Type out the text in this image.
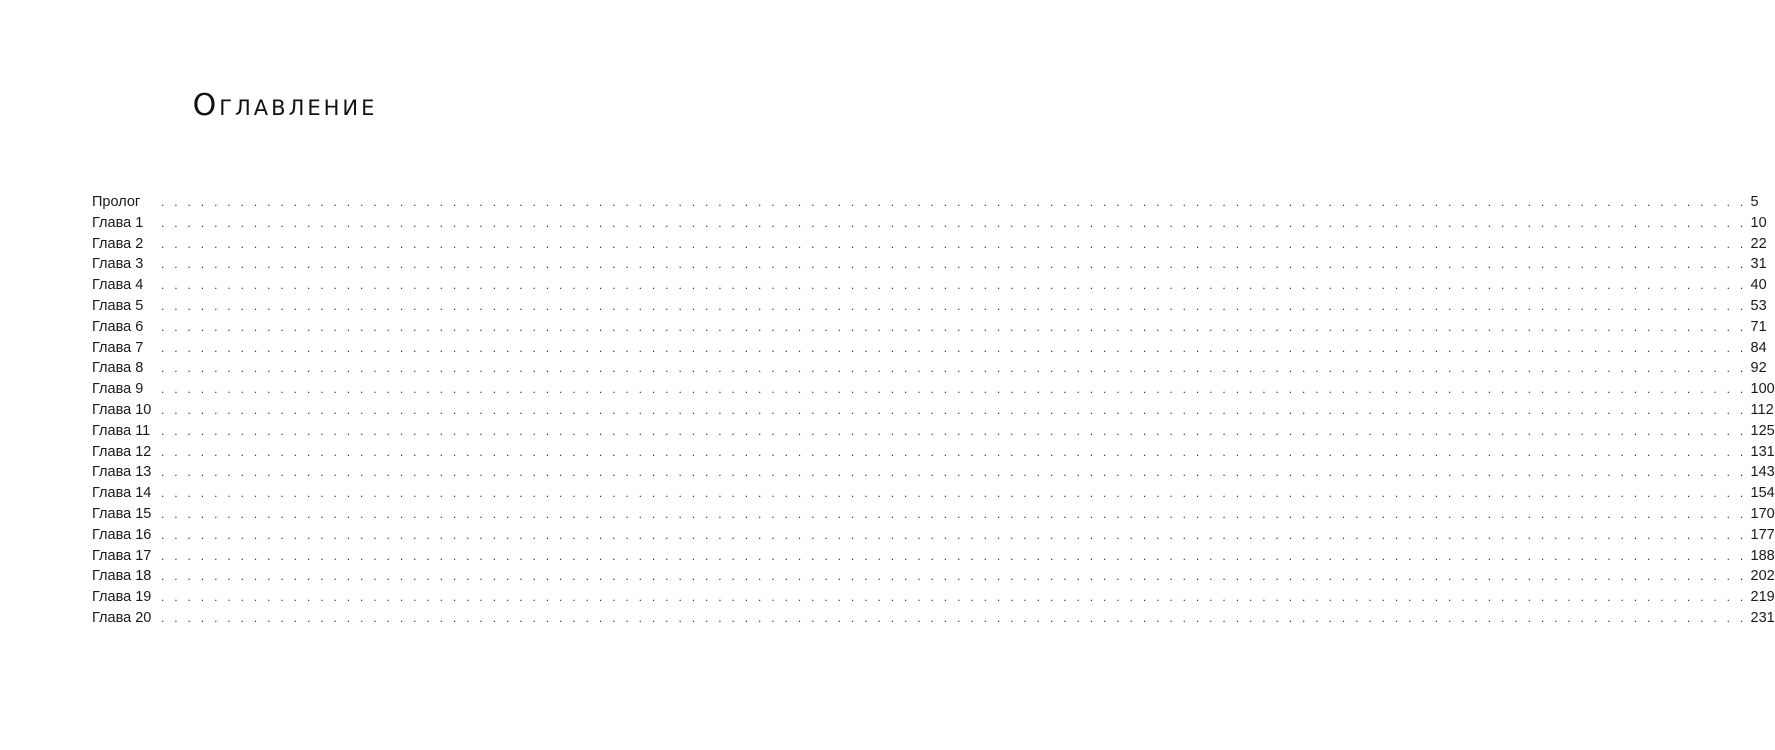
Оглавление
Пролог	. . . . . . . . . . . . . . . . . . . . . . . . . . . . . . . . . . . . . . . . . . . . . . . . . . . . . . . . . . . . . . . . . . . . . . . . . . . . . . . . . . . . . . . . . . . . . . . . . . . . . . . . . . . . . . . . . . . . . . . . 5
Глава 1	. . . . . . . . . . . . . . . . . . . . . . . . . . . . . . . . . . . . . . . . . . . . . . . . . . . . . . . . . . . . . . . . . . . . . . . . . . . . . . . . . . . . . . . . . . . . . . . . . . . . . . . . . . . . . . . . . . . . . . . . 10
Глава 2	. . . . . . . . . . . . . . . . . . . . . . . . . . . . . . . . . . . . . . . . . . . . . . . . . . . . . . . . . . . . . . . . . . . . . . . . . . . . . . . . . . . . . . . . . . . . . . . . . . . . . . . . . . . . . . . . . . . . . . . . 22
Глава 3	. . . . . . . . . . . . . . . . . . . . . . . . . . . . . . . . . . . . . . . . . . . . . . . . . . . . . . . . . . . . . . . . . . . . . . . . . . . . . . . . . . . . . . . . . . . . . . . . . . . . . . . . . . . . . . . . . . . . . . . . 31
Глава 4	. . . . . . . . . . . . . . . . . . . . . . . . . . . . . . . . . . . . . . . . . . . . . . . . . . . . . . . . . . . . . . . . . . . . . . . . . . . . . . . . . . . . . . . . . . . . . . . . . . . . . . . . . . . . . . . . . . . . . . . . 40
Глава 5	. . . . . . . . . . . . . . . . . . . . . . . . . . . . . . . . . . . . . . . . . . . . . . . . . . . . . . . . . . . . . . . . . . . . . . . . . . . . . . . . . . . . . . . . . . . . . . . . . . . . . . . . . . . . . . . . . . . . . . . . 53
Глава 6	. . . . . . . . . . . . . . . . . . . . . . . . . . . . . . . . . . . . . . . . . . . . . . . . . . . . . . . . . . . . . . . . . . . . . . . . . . . . . . . . . . . . . . . . . . . . . . . . . . . . . . . . . . . . . . . . . . . . . . . . 71
Глава 7	. . . . . . . . . . . . . . . . . . . . . . . . . . . . . . . . . . . . . . . . . . . . . . . . . . . . . . . . . . . . . . . . . . . . . . . . . . . . . . . . . . . . . . . . . . . . . . . . . . . . . . . . . . . . . . . . . . . . . . . . 84
Глава 8	. . . . . . . . . . . . . . . . . . . . . . . . . . . . . . . . . . . . . . . . . . . . . . . . . . . . . . . . . . . . . . . . . . . . . . . . . . . . . . . . . . . . . . . . . . . . . . . . . . . . . . . . . . . . . . . . . . . . . . . . 92
Глава 9	. . . . . . . . . . . . . . . . . . . . . . . . . . . . . . . . . . . . . . . . . . . . . . . . . . . . . . . . . . . . . . . . . . . . . . . . . . . . . . . . . . . . . . . . . . . . . . . . . . . . . . . . . . . . . . . . . . . . . . . . 100
Глава 10 . . . . . . . . . . . . . . . . . . . . . . . . . . . . . . . . . . . . . . . . . . . . . . . . . . . . . . . . . . . . . . . . . . . . . . . . . . . . . . . . . . . . . . . . . . . . . . . . . . . . . . . . . . . . . . . . . . . . . . . . 112
Глава 11 . . . . . . . . . . . . . . . . . . . . . . . . . . . . . . . . . . . . . . . . . . . . . . . . . . . . . . . . . . . . . . . . . . . . . . . . . . . . . . . . . . . . . . . . . . . . . . . . . . . . . . . . . . . . . . . . . . . . . . . . 125
Глава 12 . . . . . . . . . . . . . . . . . . . . . . . . . . . . . . . . . . . . . . . . . . . . . . . . . . . . . . . . . . . . . . . . . . . . . . . . . . . . . . . . . . . . . . . . . . . . . . . . . . . . . . . . . . . . . . . . . . . . . . . . 131
Глава 13 . . . . . . . . . . . . . . . . . . . . . . . . . . . . . . . . . . . . . . . . . . . . . . . . . . . . . . . . . . . . . . . . . . . . . . . . . . . . . . . . . . . . . . . . . . . . . . . . . . . . . . . . . . . . . . . . . . . . . . . . 143
Глава 14 . . . . . . . . . . . . . . . . . . . . . . . . . . . . . . . . . . . . . . . . . . . . . . . . . . . . . . . . . . . . . . . . . . . . . . . . . . . . . . . . . . . . . . . . . . . . . . . . . . . . . . . . . . . . . . . . . . . . . . . . 154
Глава 15 . . . . . . . . . . . . . . . . . . . . . . . . . . . . . . . . . . . . . . . . . . . . . . . . . . . . . . . . . . . . . . . . . . . . . . . . . . . . . . . . . . . . . . . . . . . . . . . . . . . . . . . . . . . . . . . . . . . . . . . . 170
Глава 16 . . . . . . . . . . . . . . . . . . . . . . . . . . . . . . . . . . . . . . . . . . . . . . . . . . . . . . . . . . . . . . . . . . . . . . . . . . . . . . . . . . . . . . . . . . . . . . . . . . . . . . . . . . . . . . . . . . . . . . . . 177
Глава 17 . . . . . . . . . . . . . . . . . . . . . . . . . . . . . . . . . . . . . . . . . . . . . . . . . . . . . . . . . . . . . . . . . . . . . . . . . . . . . . . . . . . . . . . . . . . . . . . . . . . . . . . . . . . . . . . . . . . . . . . . 188
Глава 18 . . . . . . . . . . . . . . . . . . . . . . . . . . . . . . . . . . . . . . . . . . . . . . . . . . . . . . . . . . . . . . . . . . . . . . . . . . . . . . . . . . . . . . . . . . . . . . . . . . . . . . . . . . . . . . . . . . . . . . . . 202
Глава 19 . . . . . . . . . . . . . . . . . . . . . . . . . . . . . . . . . . . . . . . . . . . . . . . . . . . . . . . . . . . . . . . . . . . . . . . . . . . . . . . . . . . . . . . . . . . . . . . . . . . . . . . . . . . . . . . . . . . . . . . . 219
Глава 20 . . . . . . . . . . . . . . . . . . . . . . . . . . . . . . . . . . . . . . . . . . . . . . . . . . . . . . . . . . . . . . . . . . . . . . . . . . . . . . . . . . . . . . . . . . . . . . . . . . . . . . . . . . . . . . . . . . . . . . . . 231
